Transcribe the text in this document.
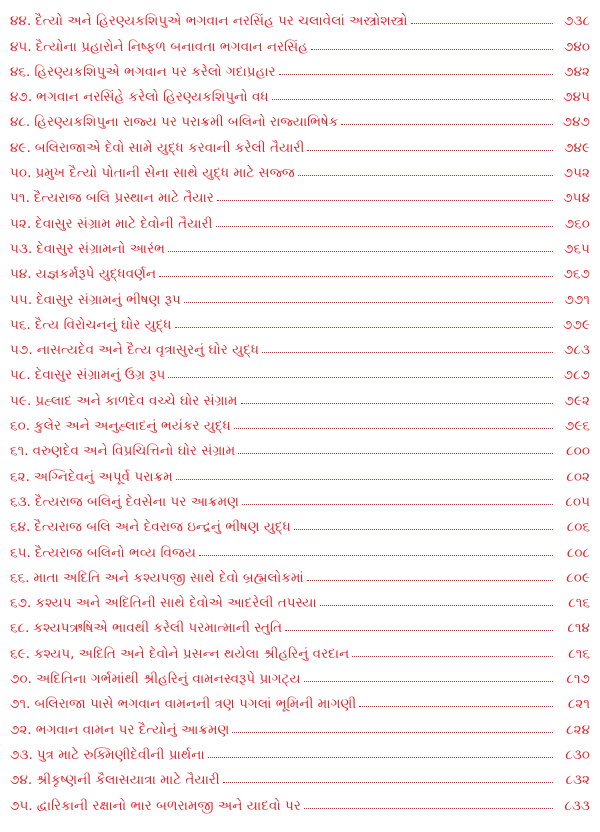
૪૪. દૈત્યો અને હિરણ્યકશિપુએ ભગવાન નરસિંહ પર ચલાવેલાં અસ્ત્રોશસ્ત્રો	૭૩૮
૪૫. દૈત્યોના પ્રહારોને નિષ્ફળ બનાવતા ભગવાન નરસિંહ	૭૪૦
૪૬. હિરણ્યકશિપુએ ભગવાન પર કરેલો ગદાપ્રહાર	૭૪૨
૪૭. ભગવાન નરસિંહે કરેલો હિરણ્યકશિપુનો વધ	૭૪૫
૪૮. હિરણ્યકશિપુના રાજ્ય પર પરાક્રમી બલિનો રાજ્યાભિષેક	૭૪૭
૪૯. બલિરાજાએ દેવો સામે યુદ્ધ કરવાની કરેલી તૈયારી	૭૪૯
૫૦. પ્રમુખ દૈત્યો પોતાની સેના સાથે યુદ્ધ માટે સજ્જ	૭૫૨
૫૧. દૈત્યરાજ બલિ પ્રસ્થાન માટે તૈયાર	૭૫૪
૫૨. દેવાસુર સંગ્રામ માટે દેવોની તૈયારી	૭૬૦
૫૩. દેવાસુર સંગ્રામનો આરંભ	૭૬૫
૫૪. યજ્ઞકર્મરૂપે યુદ્ધવર્ણન	૭૬૭
૫૫. દેવાસુર સંગ્રામનું ભીષણ રૂપ	૭૭૧
૫૬. દૈત્ય વિરોચનનું ઘોર યુદ્ધ	૭૭૯
૫૭. નાસત્યદેવ અને દૈત્ય વૃત્રાસુરનું ઘોર યુદ્ધ	૭૮૩
૫૮. દેવાસુર સંગ્રામનું ઉગ્ર રૂપ	૭૮૭
૫૯. પ્રહ્લાદ અને કાળદેવ વચ્ચે ઘોર સંગ્રામ	૭૯૨
૬૦. કુલેર અને અનુહ્લાદનું ભયંકર યુદ્ધ	૭૯૬
૬૧. વરુણદેવ અને વિપ્રચિત્તિનો ઘોર સંગ્રામ	૮૦૦
૬૨. અગ્નિદેવનું અપૂર્વ પરાક્રમ	૮૦૨
૬૩. દૈત્યરાજ બલિનું દેવસેના પર આક્રમણ	૮૦૫
૬૪. દૈત્યરાજ બલિ અને દેવરાજ ઇન્દ્રનું ભીષણ યુદ્ધ	૮૦૬
૬૫. દૈત્યરાજ બલિનો ભવ્ય વિજય	૮૦૮
૬૬. માતા અદિતિ અને કશ્યપજી સાથે દેવો બ્રહ્મલોકમાં	૮૦૯
૬૭. કશ્યપ અને અદિતિની સાથે દેવોએ આદરેલી તપસ્યા	૮૧૬
૬૮. કશ્યપઋષિએ ભાવથી કરેલી પરમાત્માની સ્તુતિ	૮૧૪
૬૯. કશ્યપ, અદિતિ અને દેવોને પ્રસન્ન થયેલા શ્રીહરિનું વરદાન	૮૧૬
૭૦. અદિતિના ગર્ભમાંથી શ્રીહરિનું વામનસ્વરૂપે પ્રાગટ્ય	૮૧૭
૭૧. બલિરાજા પાસે ભગવાન વામનની ત્રણ પગલાં ભૂમિની માગણી	૮૨૧
૭૨. ભગવાન વામન પર દૈત્યોનું આક્રમણ	૮૨૪
૭૩. પુત્ર માટે રુક્મિણીદેવીની પ્રાર્થના	૮૩૦
૭૪. શ્રીકૃષ્ણની કૈલાસયાત્રા માટે તૈયારી	૮૩૨
૭૫. દ્વારિકાની રક્ષાનો ભાર બળરામજી અને યાદવો પર	૮૩૩
